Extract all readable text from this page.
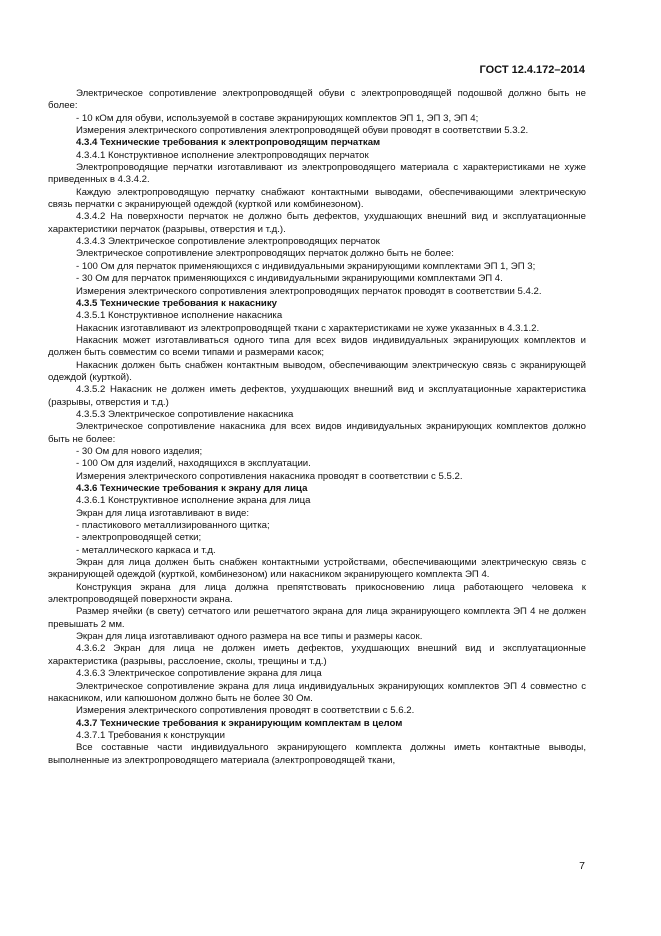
ГОСТ 12.4.172–2014

Электрическое сопротивление электропроводящей обуви с электропроводящей подошвой должно быть не более:

- 10 кОм для обуви, используемой в составе экранирующих комплектов ЭП 1, ЭП 3, ЭП 4;

Измерения электрического сопротивления электропроводящей обуви проводят в соответствии 5.3.2.

4.3.4 Технические требования к электропроводящим перчаткам

4.3.4.1 Конструктивное исполнение электропроводящих перчаток

Электропроводящие перчатки изготавливают из электропроводящего материала с характеристиками не хуже приведенных в 4.3.4.2.

Каждую электропроводящую перчатку снабжают контактными выводами, обеспечивающими электрическую связь перчатки с экранирующей одеждой (курткой или комбинезоном).

4.3.4.2 На поверхности перчаток не должно быть дефектов, ухудшающих внешний вид и эксплуатационные характеристики перчаток (разрывы, отверстия и т.д.).

4.3.4.3 Электрическое сопротивление электропроводящих перчаток

Электрическое сопротивление электропроводящих перчаток должно быть не более:

- 100 Ом для перчаток применяющихся с индивидуальными экранирующими комплектами ЭП 1, ЭП 3;

- 30 Ом для перчаток применяющихся с индивидуальными экранирующими комплектами ЭП 4.

Измерения электрического сопротивления электропроводящих перчаток проводят в соответствии 5.4.2.

4.3.5 Технические требования к накаснику

4.3.5.1 Конструктивное исполнение накасника

Накасник изготавливают из электропроводящей ткани с характеристиками не хуже указанных в 4.3.1.2.

Накасник может изготавливаться одного типа для всех видов индивидуальных экранирующих комплектов и должен быть совместим со всеми типами и размерами касок;

Накасник должен быть снабжен контактным выводом, обеспечивающим электрическую связь с экранирующей одеждой (курткой).

4.3.5.2 Накасник не должен иметь дефектов, ухудшающих внешний вид и эксплуатационные характеристика (разрывы, отверстия и т.д.)

4.3.5.3 Электрическое сопротивление накасника

Электрическое сопротивление накасника для всех видов индивидуальных экранирующих комплектов должно быть не более:

- 30 Ом для нового изделия;

- 100 Ом для изделий, находящихся в эксплуатации.

Измерения электрического сопротивления накасника проводят в соответствии с 5.5.2.

4.3.6 Технические требования к экрану для лица

4.3.6.1 Конструктивное исполнение экрана для лица

Экран для лица изготавливают в виде:

- пластикового металлизированного щитка;

- электропроводящей сетки;

- металлического каркаса и т.д.

Экран для лица должен быть снабжен контактными устройствами, обеспечивающими электрическую связь с экранирующей одеждой (курткой, комбинезоном) или накасником экранирующего комплекта ЭП 4.

Конструкция экрана для лица должна препятствовать прикосновению лица работающего человека к электропроводящей поверхности экрана.

Размер ячейки (в свету) сетчатого или решетчатого экрана для лица экранирующего комплекта ЭП 4 не должен превышать 2 мм.

Экран для лица изготавливают одного размера на все типы и размеры касок.

4.3.6.2 Экран для лица не должен иметь дефектов, ухудшающих внешний вид и эксплуатационные характеристика (разрывы, расслоение, сколы, трещины и т.д.)

4.3.6.3 Электрическое сопротивление экрана для лица

Электрическое сопротивление экрана для лица индивидуальных экранирующих комплектов ЭП 4 совместно с накасником, или капюшоном должно быть не более 30 Ом.

Измерения электрического сопротивления проводят в соответствии с 5.6.2.

4.3.7 Технические требования к экранирующим комплектам в целом

4.3.7.1 Требования к конструкции

Все составные части индивидуального экранирующего комплекта должны иметь контактные выводы, выполненные из электропроводящего материала (электропроводящей ткани,

7
